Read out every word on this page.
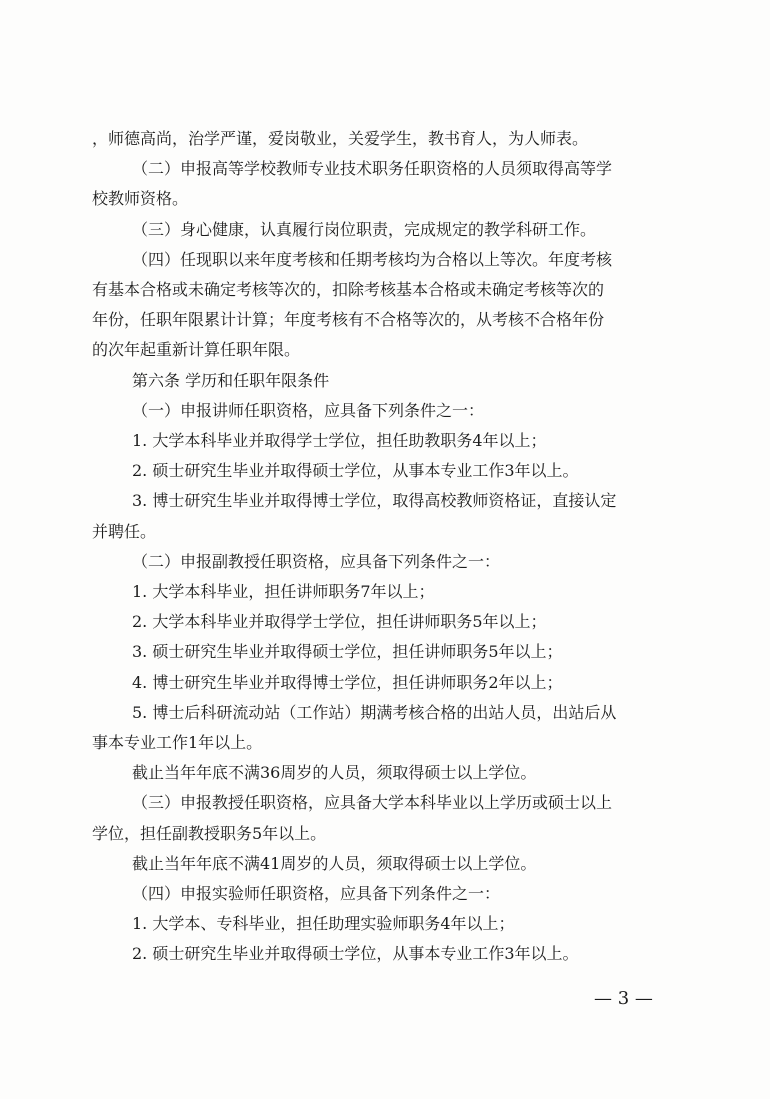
，师德高尚，治学严谨，爱岗敬业，关爱学生，教书育人，为人师表。
（二）申报高等学校教师专业技术职务任职资格的人员须取得高等学
校教师资格。
（三）身心健康，认真履行岗位职责，完成规定的教学科研工作。
（四）任现职以来年度考核和任期考核均为合格以上等次。年度考核
有基本合格或未确定考核等次的，扣除考核基本合格或未确定考核等次的
年份，任职年限累计计算；年度考核有不合格等次的，从考核不合格年份
的次年起重新计算任职年限。
第六条 学历和任职年限条件
（一）申报讲师任职资格，应具备下列条件之一：
1. 大学本科毕业并取得学士学位，担任助教职务4年以上；
2. 硕士研究生毕业并取得硕士学位，从事本专业工作3年以上。
3. 博士研究生毕业并取得博士学位，取得高校教师资格证，直接认定
并聘任。
（二）申报副教授任职资格，应具备下列条件之一：
1. 大学本科毕业，担任讲师职务7年以上；
2. 大学本科毕业并取得学士学位，担任讲师职务5年以上；
3. 硕士研究生毕业并取得硕士学位，担任讲师职务5年以上；
4. 博士研究生毕业并取得博士学位，担任讲师职务2年以上；
5. 博士后科研流动站（工作站）期满考核合格的出站人员，出站后从
事本专业工作1年以上。
截止当年年底不满36周岁的人员，须取得硕士以上学位。
（三）申报教授任职资格，应具备大学本科毕业以上学历或硕士以上
学位，担任副教授职务5年以上。
截止当年年底不满41周岁的人员，须取得硕士以上学位。
（四）申报实验师任职资格，应具备下列条件之一：
1. 大学本、专科毕业，担任助理实验师职务4年以上；
2. 硕士研究生毕业并取得硕士学位，从事本专业工作3年以上。
— 3 —
